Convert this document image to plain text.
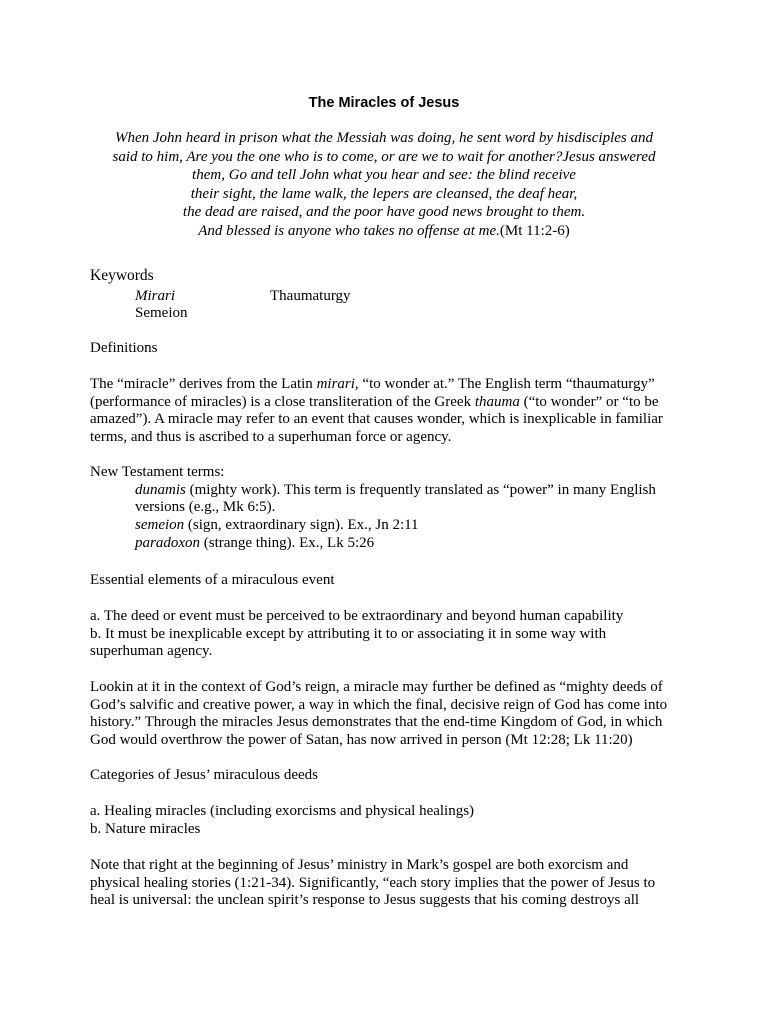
The Miracles of Jesus
When John heard in prison what the Messiah was doing, he sent word by hisdisciples and
said to him, Are you the one who is to come, or are we to wait for another?Jesus answered
them, Go and tell John what you hear and see: the blind receive
their sight, the lame walk, the lepers are cleansed, the deaf hear,
the dead are raised, and the poor have good news brought to them.
And blessed is anyone who takes no offense at me.(Mt 11:2-6)
Keywords
Mirari	Thaumaturgy
Semeion
Definitions
The “miracle” derives from the Latin mirari, “to wonder at.” The English term “thaumaturgy”
(performance of miracles) is a close transliteration of the Greek thauma (“to wonder” or “to be
amazed”). A miracle may refer to an event that causes wonder, which is inexplicable in familiar
terms, and thus is ascribed to a superhuman force or agency.
New Testament terms:
dunamis (mighty work). This term is frequently translated as “power” in many English
versions (e.g., Mk 6:5).
semeion (sign, extraordinary sign). Ex., Jn 2:11
paradoxon (strange thing). Ex., Lk 5:26
Essential elements of a miraculous event
a. The deed or event must be perceived to be extraordinary and beyond human capability
b. It must be inexplicable except by attributing it to or associating it in some way with
superhuman agency.
Lookin at it in the context of God’s reign, a miracle may further be defined as “mighty deeds of
God’s salvific and creative power, a way in which the final, decisive reign of God has come into
history.” Through the miracles Jesus demonstrates that the end-time Kingdom of God, in which
God would overthrow the power of Satan, has now arrived in person (Mt 12:28; Lk 11:20)
Categories of Jesus’ miraculous deeds
a. Healing miracles (including exorcisms and physical healings)
b. Nature miracles
Note that right at the beginning of Jesus’ ministry in Mark’s gospel are both exorcism and
physical healing stories (1:21-34). Significantly, “each story implies that the power of Jesus to
heal is universal: the unclean spirit’s response to Jesus suggests that his coming destroys all
